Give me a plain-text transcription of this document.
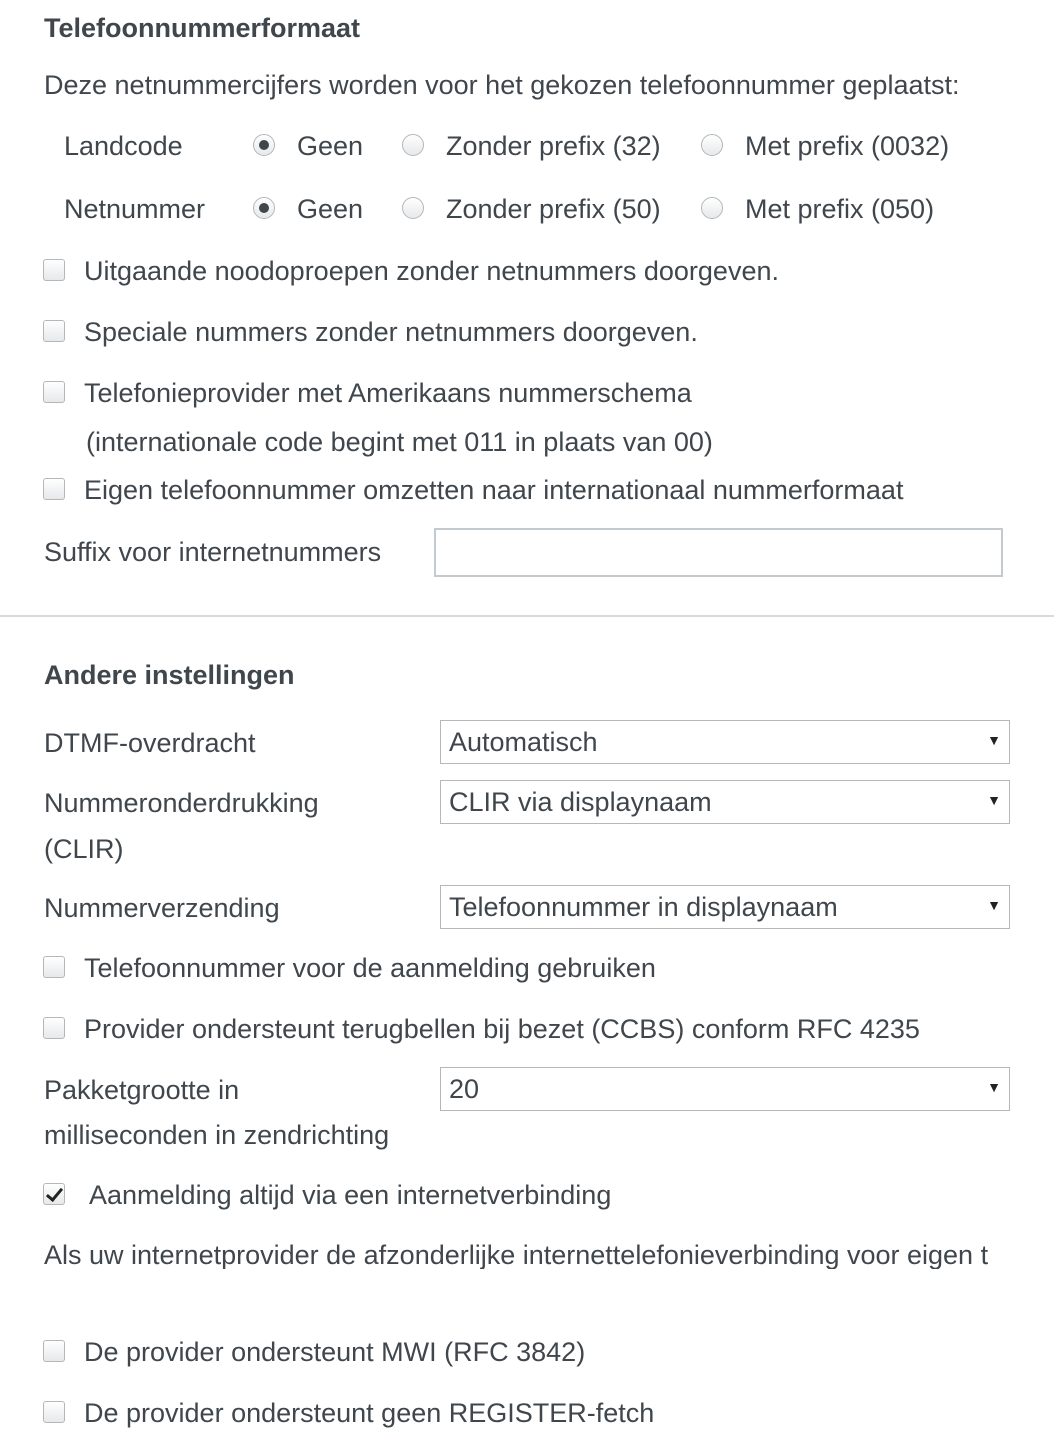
Telefoonnummerformaat
Deze netnummercijfers worden voor het gekozen telefoonnummer geplaatst:
Landcode	Geen	Zonder prefix (32)	Met prefix (0032)
Netnummer	Geen	Zonder prefix (50)	Met prefix (050)
Uitgaande noodoproepen zonder netnummers doorgeven.
Speciale nummers zonder netnummers doorgeven.
Telefonieprovider met Amerikaans nummerschema
(internationale code begint met 011 in plaats van 00)
Eigen telefoonnummer omzetten naar internationaal nummerformaat
Suffix voor internetnummers
Andere instellingen
DTMF-overdracht	Automatisch	▼
Nummeronderdrukking
(CLIR)
CLIR via displaynaam	▼
Nummerverzending	Telefoonnummer in displaynaam	▼
Telefoonnummer voor de aanmelding gebruiken
Provider ondersteunt terugbellen bij bezet (CCBS) conform RFC 4235
Pakketgrootte in
milliseconden in zendrichting
20	▼
Aanmelding altijd via een internetverbinding
Als uw internetprovider de afzonderlijke internettelefonieverbinding voor eigen t
De provider ondersteunt MWI (RFC 3842)
De provider ondersteunt geen REGISTER-fetch
